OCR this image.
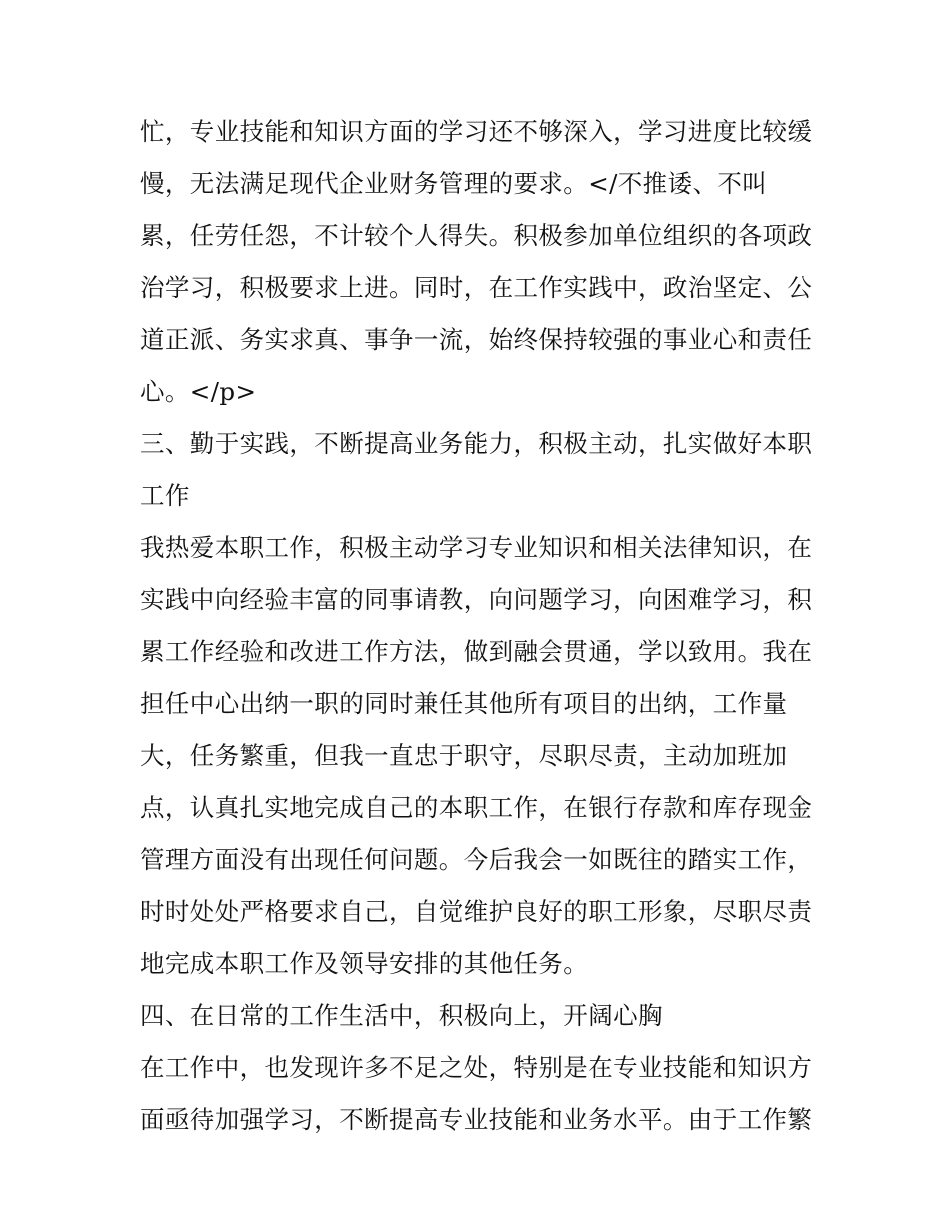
忙，专业技能和知识方面的学习还不够深入，学习进度比较缓
慢，无法满足现代企业财务管理的要求。</不推诿、不叫
累，任劳任怨，不计较个人得失。积极参加单位组织的各项政
治学习，积极要求上进。同时，在工作实践中，政治坚定、公
道正派、务实求真、事争一流，始终保持较强的事业心和责任
心。</p>
三、勤于实践，不断提高业务能力，积极主动，扎实做好本职
工作
我热爱本职工作，积极主动学习专业知识和相关法律知识，在
实践中向经验丰富的同事请教，向问题学习，向困难学习，积
累工作经验和改进工作方法，做到融会贯通，学以致用。我在
担任中心出纳一职的同时兼任其他所有项目的出纳，工作量
大，任务繁重，但我一直忠于职守，尽职尽责，主动加班加
点，认真扎实地完成自己的本职工作，在银行存款和库存现金
管理方面没有出现任何问题。今后我会一如既往的踏实工作，
时时处处严格要求自己，自觉维护良好的职工形象，尽职尽责
地完成本职工作及领导安排的其他任务。
四、在日常的工作生活中，积极向上，开阔心胸
在工作中，也发现许多不足之处，特别是在专业技能和知识方
面亟待加强学习，不断提高专业技能和业务水平。由于工作繁
